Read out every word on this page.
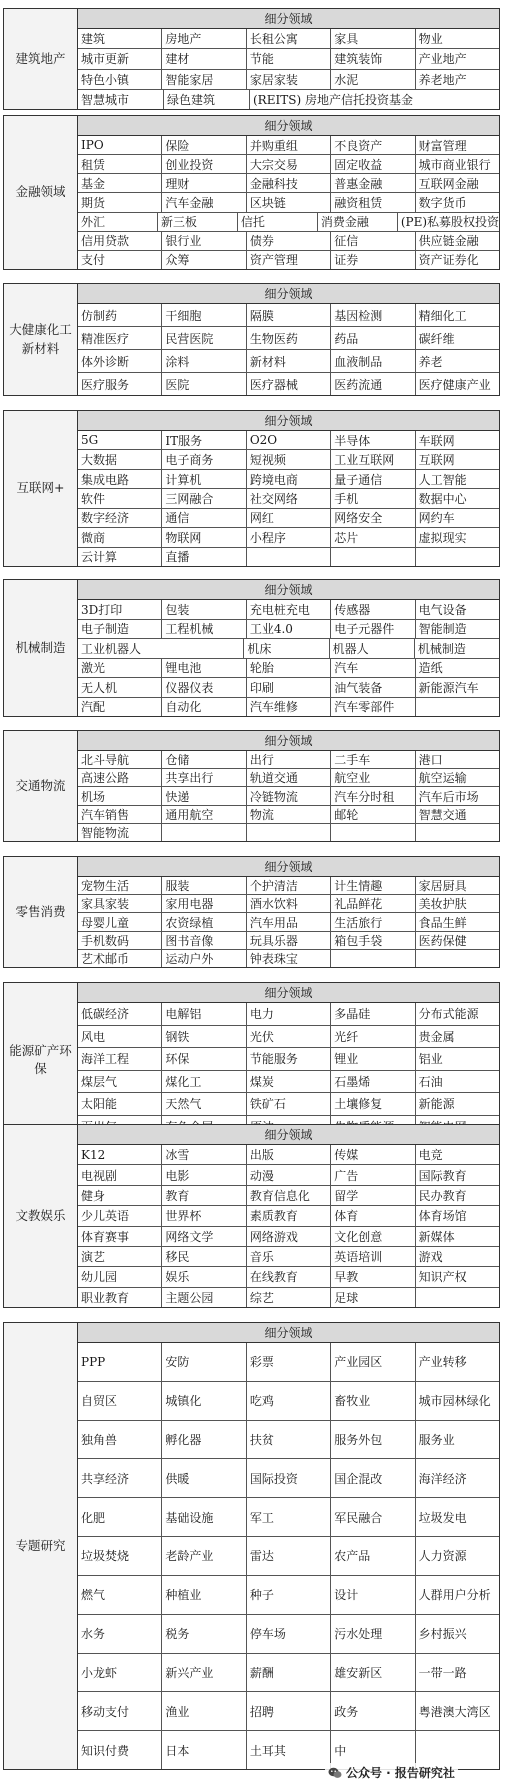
建筑地产
细分领域
建筑	房地产	长租公寓	家具	物业
城市更新	建材	节能	建筑装饰	产业地产
特色小镇	智能家居	家居家装	水泥	养老地产
智慧城市	绿色建筑	(REITS) 房地产信托投资基金
金融领域
细分领域
IPO	保险	并购重组	不良资产	财富管理
租赁	创业投资	大宗交易	固定收益	城市商业银行
基金	理财	金融科技	普惠金融	互联网金融
期货	汽车金融	区块链	融资租赁	数字货币
外汇	新三板	信托	消费金融	(PE)私募股权投资
信用贷款	银行业	债券	征信	供应链金融
支付	众筹	资产管理	证券	资产证券化
大健康化工新材料
细分领域
仿制药	干细胞	隔膜	基因检测	精细化工
精准医疗	民营医院	生物医药	药品	碳纤维
体外诊断	涂料	新材料	血液制品	养老
医疗服务	医院	医疗器械	医药流通	医疗健康产业
互联网+
细分领域
5G	IT服务	O2O	半导体	车联网
大数据	电子商务	短视频	工业互联网	互联网
集成电路	计算机	跨境电商	量子通信	人工智能
软件	三网融合	社交网络	手机	数据中心
数字经济	通信	网红	网络安全	网约车
微商	物联网	小程序	芯片	虚拟现实
云计算	直播
机械制造
细分领域
3D打印	包装	充电桩充电	传感器	电气设备
电子制造	工程机械	工业4.0	电子元器件	智能制造
工业机器人	机床	机器人	机械制造
激光	锂电池	轮胎	汽车	造纸
无人机	仪器仪表	印刷	油气装备	新能源汽车
汽配	自动化	汽车维修	汽车零部件
交通物流
细分领域
北斗导航	仓储	出行	二手车	港口
高速公路	共享出行	轨道交通	航空业	航空运输
机场	快递	冷链物流	汽车分时租	汽车后市场
汽车销售	通用航空	物流	邮轮	智慧交通
智能物流
零售消费
细分领域
宠物生活	服装	个护清洁	计生情趣	家居厨具
家具家装	家用电器	酒水饮料	礼品鲜花	美妆护肤
母婴儿童	农资绿植	汽车用品	生活旅行	食品生鲜
手机数码	图书音像	玩具乐器	箱包手袋	医药保健
艺术邮币	运动户外	钟表珠宝
能源矿产环保
细分领域
低碳经济	电解铝	电力	多晶硅	分布式能源
风电	钢铁	光伏	光纤	贵金属
海洋工程	环保	节能服务	锂业	铝业
煤层气	煤化工	煤炭	石墨烯	石油
太阳能	天然气	铁矿石	土壤修复	新能源
文教娱乐
细分领域
K12	冰雪	出版	传媒	电竞
电视剧	电影	动漫	广告	国际教育
健身	教育	教育信息化	留学	民办教育
少儿英语	世界杯	素质教育	体育	体育场馆
体育赛事	网络文学	网络游戏	文化创意	新媒体
演艺	移民	音乐	英语培训	游戏
幼儿园	娱乐	在线教育	早教	知识产权
职业教育	主题公园	综艺	足球
专题研究
细分领域
PPP	安防	彩票	产业园区	产业转移
自贸区	城镇化	吃鸡	畜牧业	城市园林绿化
独角兽	孵化器	扶贫	服务外包	服务业
共享经济	供暖	国际投资	国企混改	海洋经济
化肥	基础设施	军工	军民融合	垃圾发电
垃圾焚烧	老龄产业	雷达	农产品	人力资源
燃气	种植业	种子	设计	人群用户分析
水务	税务	停车场	污水处理	乡村振兴
小龙虾	新兴产业	薪酬	雄安新区	一带一路
移动支付	渔业	招聘	政务	粤港澳大湾区
知识付费	日本	土耳其	中
公众号 · 报告研究社
